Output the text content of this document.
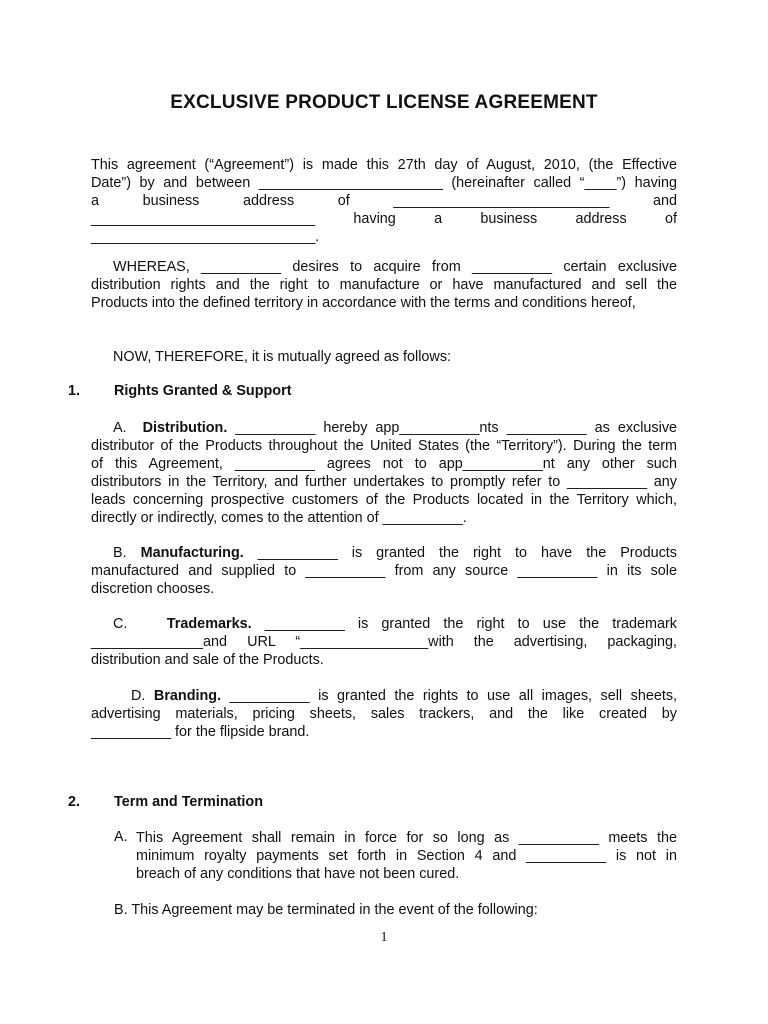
EXCLUSIVE PRODUCT LICENSE AGREEMENT
This agreement (“Agreement”) is made this 27th day of August, 2010, (the Effective
Date”) by and between _______________________ (hereinafter called “____”) having
a business address of ___________________________ and
____________________________ having a business address of
____________________________.
WHEREAS, __________ desires to acquire from __________ certain exclusive
distribution rights and the right to manufacture or have manufactured and sell the
Products into the defined territory in accordance with the terms and conditions hereof,
NOW, THEREFORE, it is mutually agreed as follows:
1. Rights Granted & Support
A. Distribution. __________ hereby app__________nts __________ as exclusive
distributor of the Products throughout the United States (the “Territory”). During the term
of this Agreement, __________ agrees not to app__________nt any other such
distributors in the Territory, and further undertakes to promptly refer to __________ any
leads concerning prospective customers of the Products located in the Territory which,
directly or indirectly, comes to the attention of __________.
B. Manufacturing. __________ is granted the right to have the Products
manufactured and supplied to __________ from any source __________ in its sole
discretion chooses.
C.	Trademarks. __________ is granted the right to use the trademark
______________and URL “________________with the advertising, packaging,
distribution and sale of the Products.
D. Branding. __________ is granted the rights to use all images, sell sheets,
advertising materials, pricing sheets, sales trackers, and the like created by
__________ for the flipside brand.
2. Term and Termination
A. This Agreement shall remain in force for so long as __________ meets the
minimum royalty payments set forth in Section 4 and __________ is not in
breach of any conditions that have not been cured.
B. This Agreement may be terminated in the event of the following:
1
